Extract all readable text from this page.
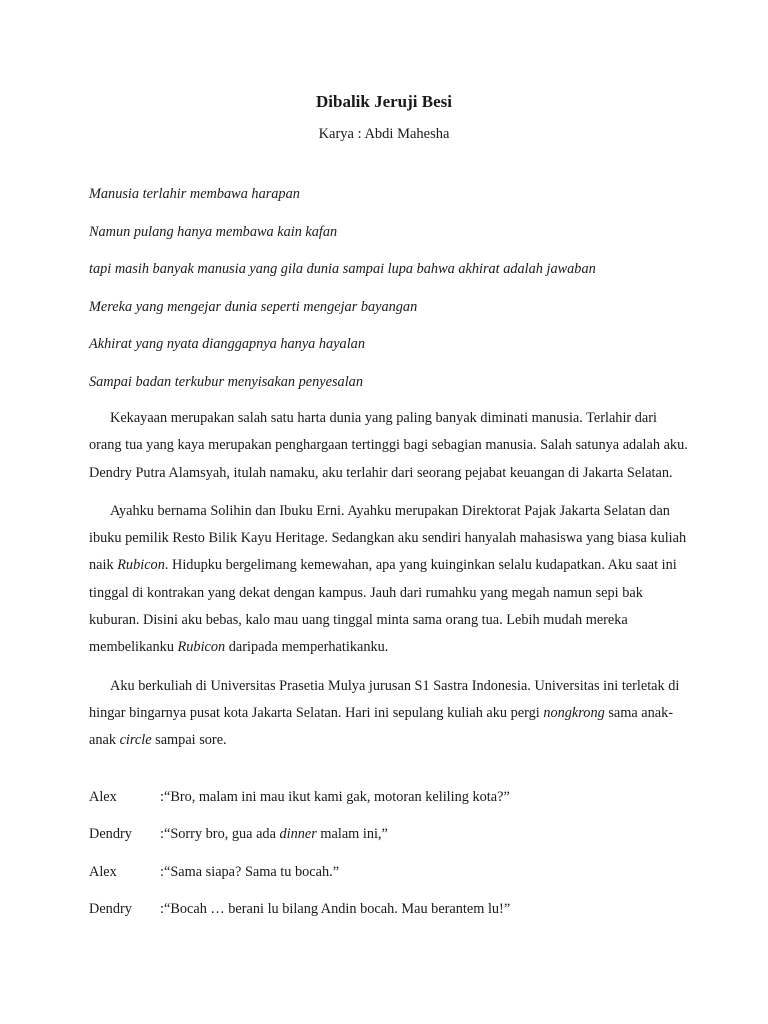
Dibalik Jeruji Besi
Karya : Abdi Mahesha
Manusia terlahir membawa harapan
Namun pulang hanya membawa kain kafan
tapi masih banyak manusia yang gila dunia sampai lupa bahwa akhirat adalah jawaban
Mereka yang mengejar dunia seperti mengejar bayangan
Akhirat yang nyata dianggapnya hanya hayalan
Sampai badan terkubur menyisakan penyesalan

Kekayaan merupakan salah satu harta dunia yang paling banyak diminati manusia. Terlahir dari orang tua yang kaya merupakan penghargaan tertinggi bagi sebagian manusia. Salah satunya adalah aku. Dendry Putra Alamsyah, itulah namaku, aku terlahir dari seorang pejabat keuangan di Jakarta Selatan.

Ayahku bernama Solihin dan Ibuku Erni. Ayahku merupakan Direktorat Pajak Jakarta Selatan dan ibuku pemilik Resto Bilik Kayu Heritage. Sedangkan aku sendiri hanyalah mahasiswa yang biasa kuliah naik Rubicon. Hidupku bergelimang kemewahan, apa yang kuinginkan selalu kudapatkan. Aku saat ini tinggal di kontrakan yang dekat dengan kampus. Jauh dari rumahku yang megah namun sepi bak kuburan. Disini aku bebas, kalo mau uang tinggal minta sama orang tua. Lebih mudah mereka membelikanku Rubicon daripada memperhatikanku.

Aku berkuliah di Universitas Prasetia Mulya jurusan S1 Sastra Indonesia. Universitas ini terletak di hingar bingarnya pusat kota Jakarta Selatan. Hari ini sepulang kuliah aku pergi nongkrong sama anak-anak circle sampai sore.

Alex	:“Bro, malam ini mau ikut kami gak, motoran keliling kota?”
Dendry	:“Sorry bro, gua ada dinner malam ini,”
Alex	:“Sama siapa? Sama tu bocah.”
Dendry	:“Bocah … berani lu bilang Andin bocah. Mau berantem lu!”
